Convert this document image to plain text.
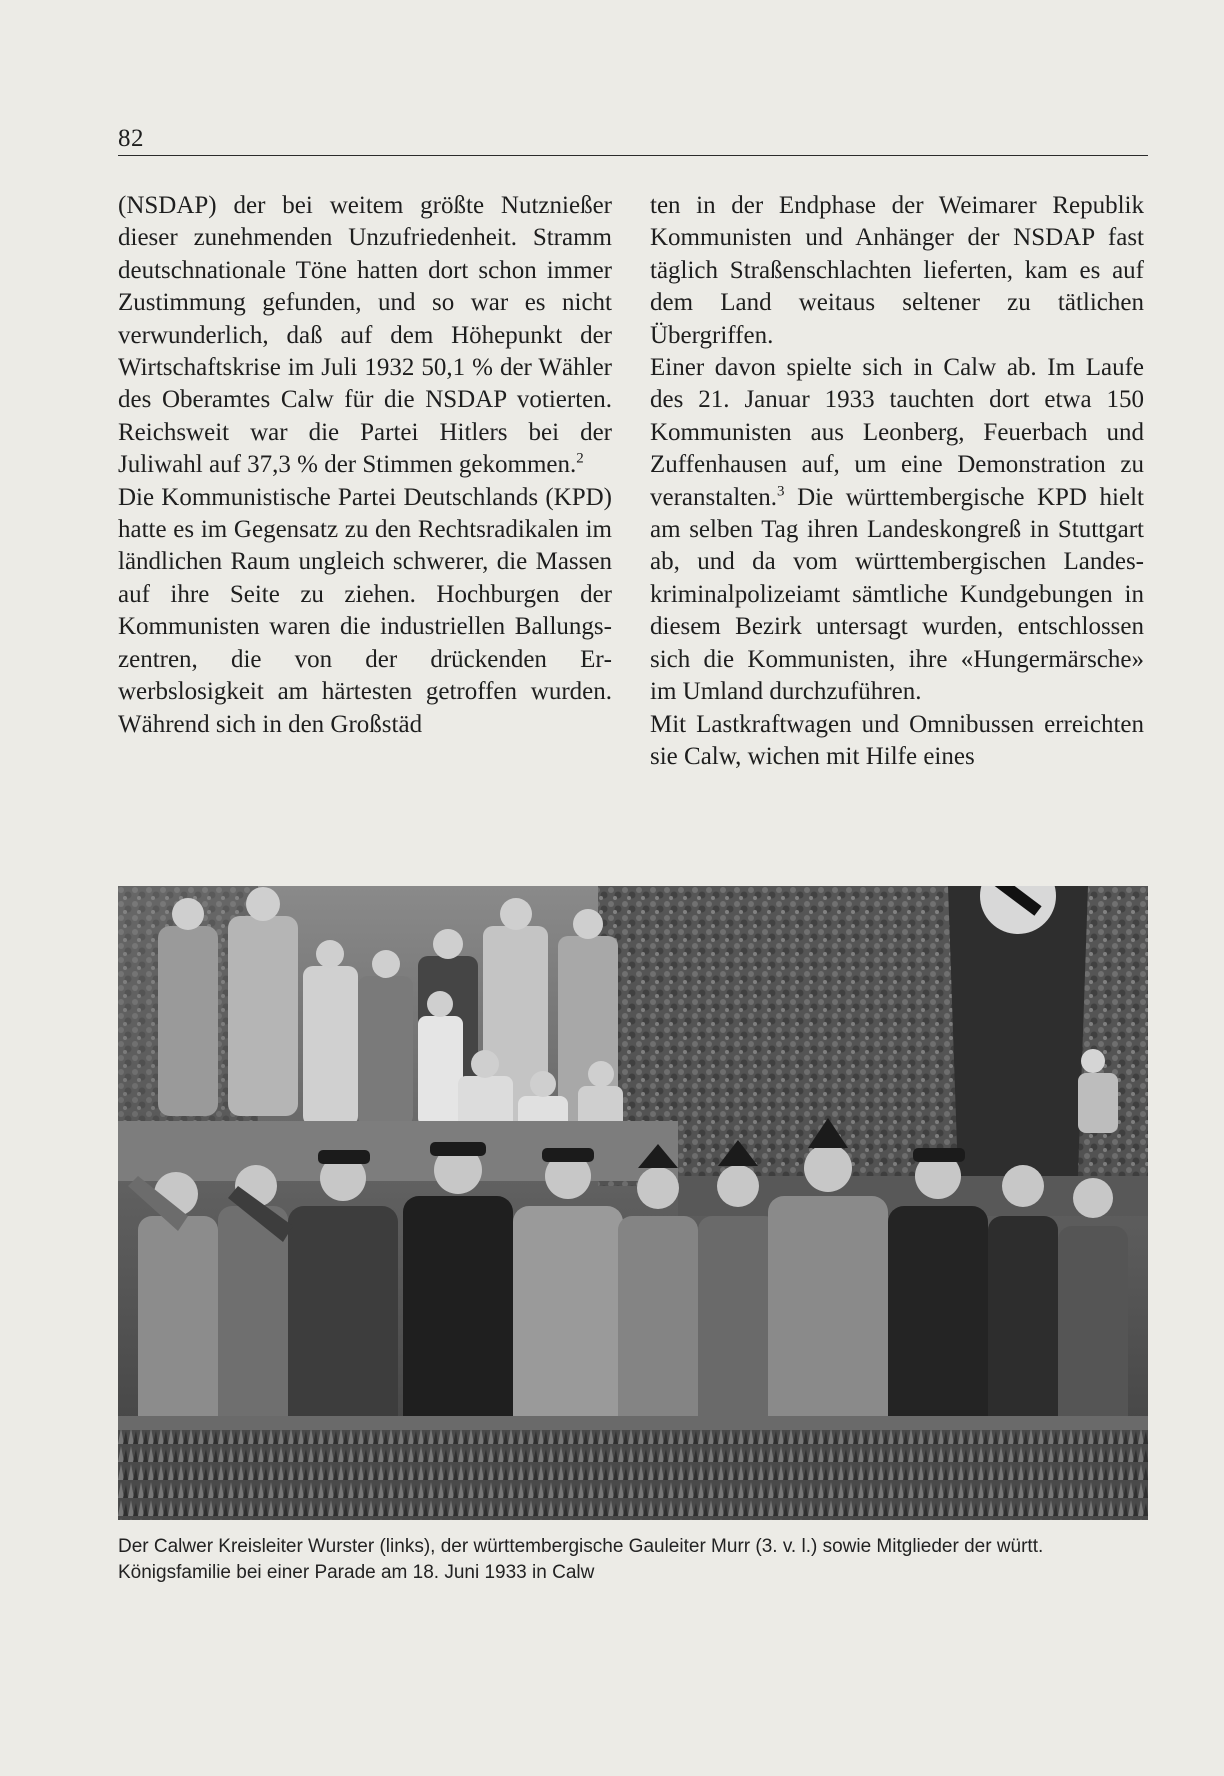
82

(NSDAP) der bei weitem größte Nutznießer dieser zunehmenden Unzufriedenheit. Stramm deutschnationale Töne hatten dort schon immer Zustimmung gefunden, und so war es nicht verwunderlich, daß auf dem Höhepunkt der Wirtschaftskrise im Juli 1932 50,1 % der Wähler des Oberamtes Calw für die NSDAP votierten. Reichsweit war die Partei Hitlers bei der Juliwahl auf 37,3 % der Stimmen gekommen.$^2$

Die Kommunistische Partei Deutschlands (KPD) hatte es im Gegensatz zu den Rechtsradikalen im ländlichen Raum ungleich schwerer, die Massen auf ihre Seite zu ziehen. Hochburgen der Kommunisten waren die industriellen Ballungszentren, die von der drückenden Erwerbslosigkeit am härtesten getroffen wurden. Während sich in den Großstäd

ten in der Endphase der Weimarer Republik Kommunisten und Anhänger der NSDAP fast täglich Straßenschlachten lieferten, kam es auf dem Land weitaus seltener zu tätlichen Übergriffen.

Einer davon spielte sich in Calw ab. Im Laufe des 21. Januar 1933 tauchten dort etwa 150 Kommunisten aus Leonberg, Feuerbach und Zuffenhausen auf, um eine Demonstration zu veranstalten.$^3$ Die württembergische KPD hielt am selben Tag ihren Landeskongreß in Stuttgart ab, und da vom württembergischen Landeskriminalpolizeiamt sämtliche Kundgebungen in diesem Bezirk untersagt wurden, entschlossen sich die Kommunisten, ihre «Hungermärsche» im Umland durchzuführen.

Mit Lastkraftwagen und Omnibussen erreichten sie Calw, wichen mit Hilfe eines

Der Calwer Kreisleiter Wurster (links), der württembergische Gauleiter Murr (3. v. l.) sowie Mitglieder der württ. Königsfamilie bei einer Parade am 18. Juni 1933 in Calw
